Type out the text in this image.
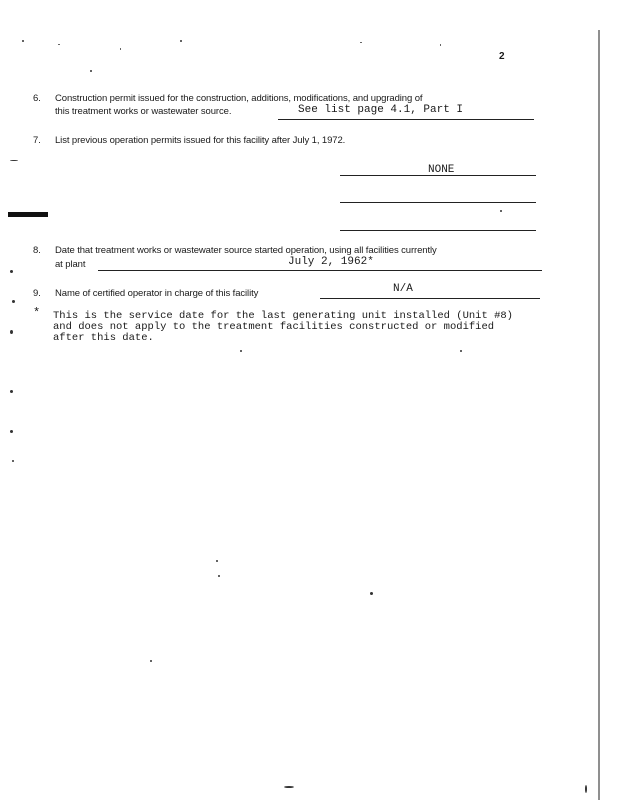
2
6. Construction permit issued for the construction, additions, modifications, and upgrading of
this treatment works or wastewater source.	See list page 4.1, Part I
7. List previous operation permits issued for this facility after July 1, 1972.
NONE
8. Date that treatment works or wastewater source started operation, using all facilities currently
at plant	July 2, 1962*
9. Name of certified operator in charge of this facility	N/A
* This is the service date for the last generating unit installed (Unit #8)
and does not apply to the treatment facilities constructed or modified
after this date.
